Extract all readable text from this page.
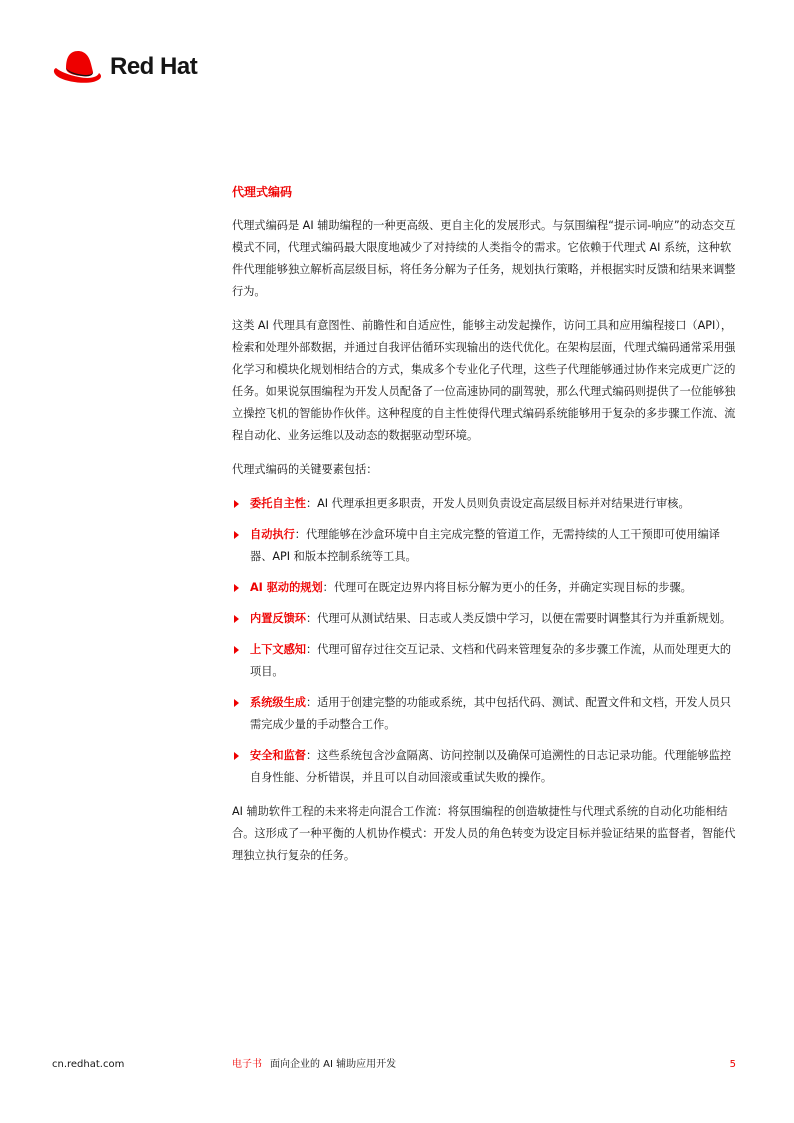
Red Hat
代理式编码

代理式编码是 AI 辅助编程的一种更高级、更自主化的发展形式。与氛围编程“提示词-响应”的动态交互模式不同，代理式编码最大限度地减少了对持续的人类指令的需求。它依赖于代理式 AI 系统，这种软件代理能够独立解析高层级目标，将任务分解为子任务，规划执行策略，并根据实时反馈和结果来调整行为。

这类 AI 代理具有意图性、前瞻性和自适应性，能够主动发起操作，访问工具和应用编程接口（API），检索和处理外部数据，并通过自我评估循环实现输出的迭代优化。在架构层面，代理式编码通常采用强化学习和模块化规划相结合的方式，集成多个专业化子代理，这些子代理能够通过协作来完成更广泛的任务。如果说氛围编程为开发人员配备了一位高速协同的副驾驶，那么代理式编码则提供了一位能够独立操控飞机的智能协作伙伴。这种程度的自主性使得代理式编码系统能够用于复杂的多步骤工作流、流程自动化、业务运维以及动态的数据驱动型环境。

代理式编码的关键要素包括：

委托自主性：AI 代理承担更多职责，开发人员则负责设定高层级目标并对结果进行审核。
自动执行：代理能够在沙盒环境中自主完成完整的管道工作，无需持续的人工干预即可使用编译器、API 和版本控制系统等工具。
AI 驱动的规划：代理可在既定边界内将目标分解为更小的任务，并确定实现目标的步骤。
内置反馈环：代理可从测试结果、日志或人类反馈中学习，以便在需要时调整其行为并重新规划。
上下文感知：代理可留存过往交互记录、文档和代码来管理复杂的多步骤工作流，从而处理更大的项目。
系统级生成：适用于创建完整的功能或系统，其中包括代码、测试、配置文件和文档，开发人员只需完成少量的手动整合工作。
安全和监督：这些系统包含沙盒隔离、访问控制以及确保可追溯性的日志记录功能。代理能够监控自身性能、分析错误，并且可以自动回滚或重试失败的操作。

AI 辅助软件工程的未来将走向混合工作流：将氛围编程的创造敏捷性与代理式系统的自动化功能相结合。这形成了一种平衡的人机协作模式：开发人员的角色转变为设定目标并验证结果的监督者，智能代理独立执行复杂的任务。

cn.redhat.com	电子书 面向企业的 AI 辅助应用开发	5
